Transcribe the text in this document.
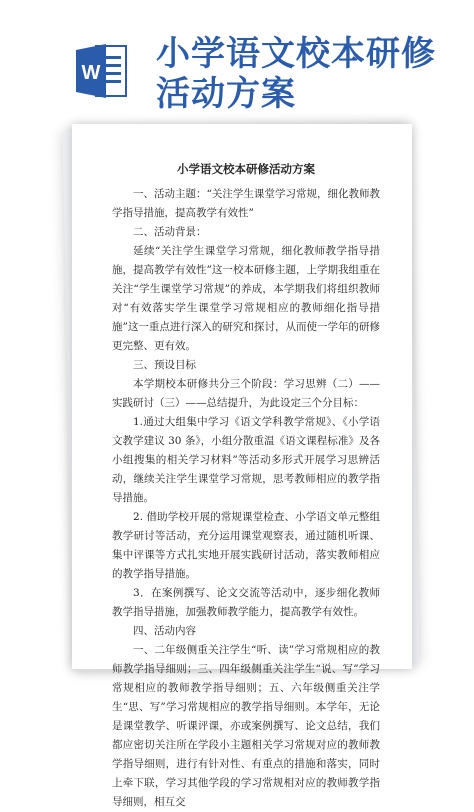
W 小学语文校本研修
活动方案
小学语文校本研修活动方案

一、活动主题：“关注学生课堂学习常规，细化教师教学指导措施，提高教学有效性”

二、活动背景：

延续“关注学生课堂学习常规，细化教师教学指导措施，提高教学有效性”这一校本研修主题，上学期我组重在关注“学生课堂学习常规”的养成，本学期我们将组织教师对“有效落实学生课堂学习常规相应的教师细化指导措施”这一重点进行深入的研究和探讨，从而使一学年的研修更完整、更有效。

三、预设目标

本学期校本研修共分三个阶段：学习思辨（二）——实践研讨（三）——总结提升，为此设定三个分目标：

1.通过大组集中学习《语文学科教学常规》、《小学语文教学建议 30 条》，小组分散重温《语文课程标准》及各小组搜集的相关学习材料”等活动多形式开展学习思辨活动，继续关注学生课堂学习常规，思考教师相应的教学指导措施。

2. 借助学校开展的常规课堂检查、小学语文单元整组教学研讨等活动，充分运用课堂观察表，通过随机听课、集中评课等方式扎实地开展实践研讨活动，落实教师相应的教学指导措施。

3．在案例撰写、论文交流等活动中，逐步细化教师教学指导措施，加强教师教学能力，提高教学有效性。

四、活动内容

一、二年级侧重关注学生“听、读”学习常规相应的教师教学指导细则；三、四年级侧重关注学生“说、写”学习常规相应的教师教学指导细则；五、六年级侧重关注学生“思、写”学习常规相应的教学指导细则。本学年，无论是课堂教学、听课评课，亦或案例撰写、论文总结，我们都应密切关注所在学段小主题相关学习常规对应的教师教学指导细则，进行有针对性、有重点的措施和落实，同时上牵下联，学习其他学段的学习常规相对应的教师教学指导细则，相互交
